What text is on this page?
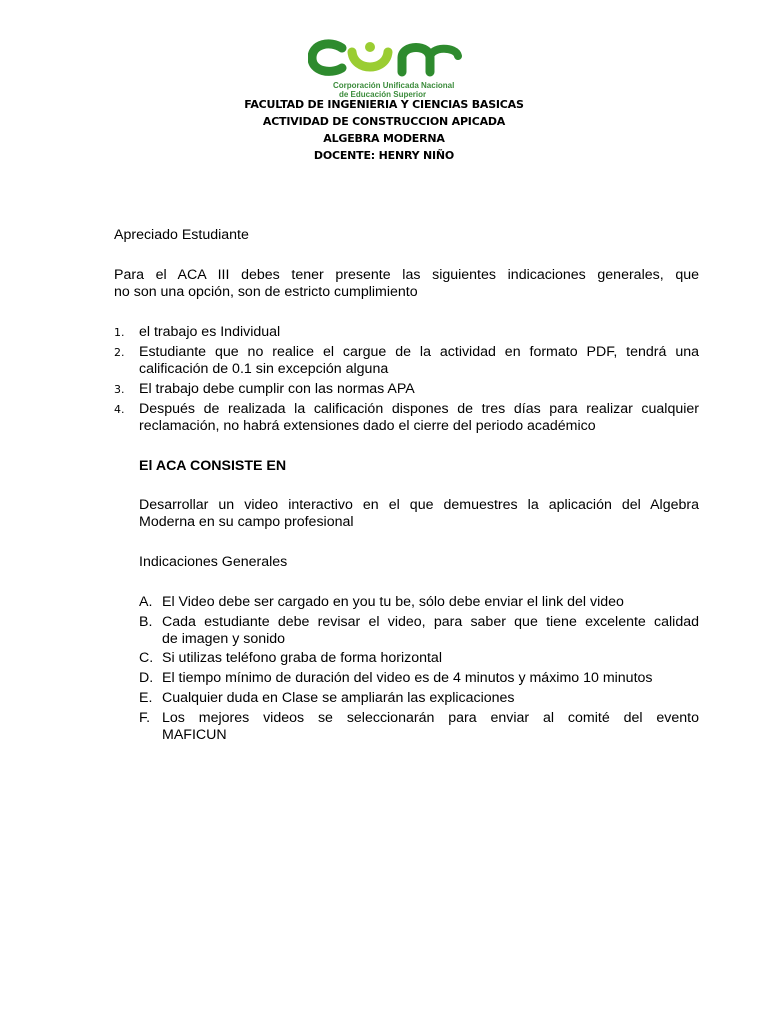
Corporación Unificada Nacional
de Educación Superior
FACULTAD DE INGENIERIA Y CIENCIAS BASICAS
ACTIVIDAD DE CONSTRUCCION APICADA
ALGEBRA MODERNA
DOCENTE: HENRY NIÑO
Apreciado Estudiante
Para el ACA III debes tener presente las siguientes indicaciones generales, que
no son una opción, son de estricto cumplimiento
1.	el trabajo es Individual
2.	Estudiante que no realice el cargue de la actividad en formato PDF, tendrá una
calificación de 0.1 sin excepción alguna
3.	El trabajo debe cumplir con las normas APA
4.	Después de realizada la calificación dispones de tres días para realizar cualquier
reclamación, no habrá extensiones dado el cierre del periodo académico
El ACA CONSISTE EN
Desarrollar un video interactivo en el que demuestres la aplicación del Algebra
Moderna en su campo profesional
Indicaciones Generales
A. El Video debe ser cargado en you tu be, sólo debe enviar el link del video
B. Cada estudiante debe revisar el video, para saber que tiene excelente calidad
de imagen y sonido
C. Si utilizas teléfono graba de forma horizontal
D. El tiempo mínimo de duración del video es de 4 minutos y máximo 10 minutos
E. Cualquier duda en Clase se ampliarán las explicaciones
F. Los mejores videos se seleccionarán para enviar al comité del evento
MAFICUN
